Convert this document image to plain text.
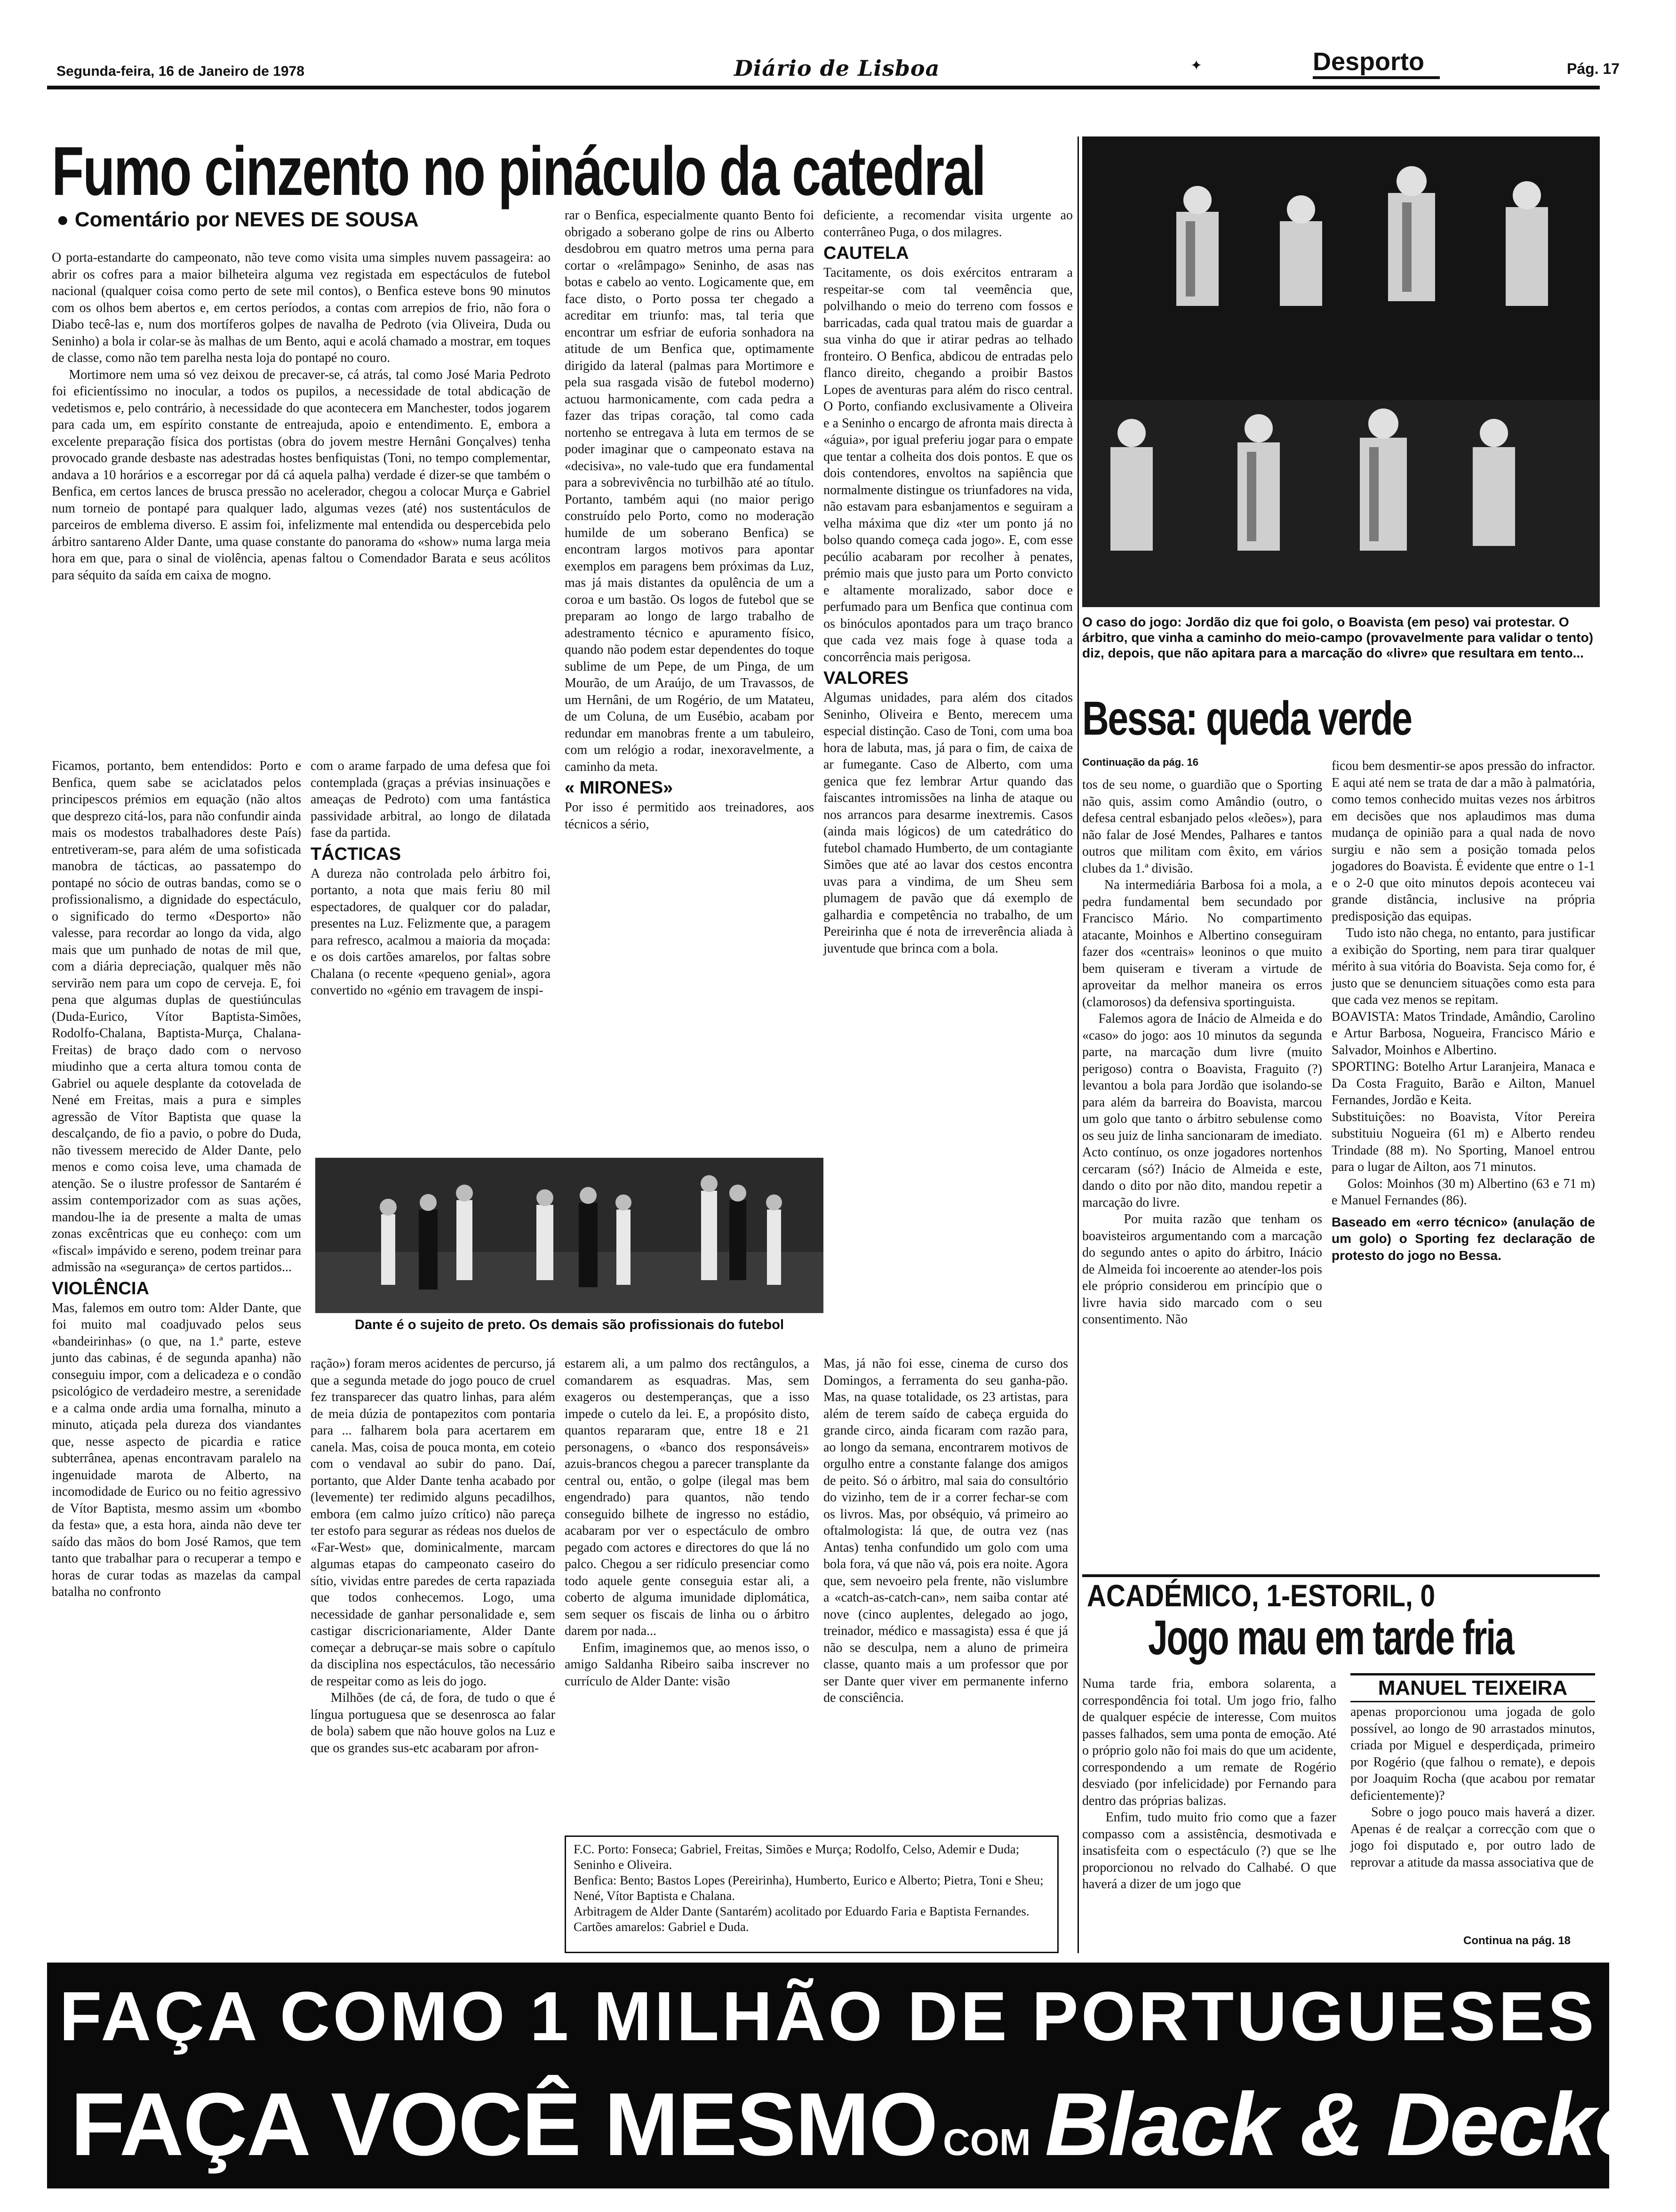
Segunda-feira, 16 de Janeiro de 1978	Diário de Lisboa	✦	Desporto	Pág. 17
Fumo cinzento no pináculo da catedral
● Comentário por NEVES DE SOUSA
O porta-estandarte do campeonato, não teve como visita uma simples nuvem passageira: ao abrir os cofres para a maior bilheteira alguma vez registada em espectáculos de futebol nacional (qualquer coisa como perto de sete mil contos), o Benfica esteve bons 90 minutos com os olhos bem abertos e, em certos períodos, a contas com arrepios de frio, não fora o Diabo tecê-las e, num dos mortíferos golpes de navalha de Pedroto (via Oliveira, Duda ou Seninho) a bola ir colar-se às malhas de um Bento, aqui e acolá chamado a mostrar, em toques de classe, como não tem parelha nesta loja do pontapé no couro.
Mortimore nem uma só vez deixou de precaver-se, cá atrás, tal como José Maria Pedroto foi eficientíssimo no inocular, a todos os pupilos, a necessidade de total abdicação de vedetismos e, pelo contrário, à necessidade do que acontecera em Manchester, todos jogarem para cada um, em espírito constante de entreajuda, apoio e entendimento. E, embora a excelente preparação física dos portistas (obra do jovem mestre Hernâni Gonçalves) tenha provocado grande desbaste nas adestradas hostes benfiquistas (Toni, no tempo complementar, andava a 10 horários e a escorregar por dá cá aquela palha) verdade é dizer-se que também o Benfica, em certos lances de brusca pressão no acelerador, chegou a colocar Murça e Gabriel num torneio de pontapé para qualquer lado, algumas vezes (até) nos sustentáculos de parceiros de emblema diverso. E assim foi, infelizmente mal entendida ou despercebida pelo árbitro santareno Alder Dante, uma quase constante do panorama do «show» numa larga meia hora em que, para o sinal de violência, apenas faltou o Comendador Barata e seus acólitos para séquito da saída em caixa de mogno.
Ficamos, portanto, bem entendidos: Porto e Benfica, quem sabe se aciclatados pelos principescos prémios em equação (não altos que desprezo citá-los, para não confundir ainda mais os modestos trabalhadores deste País) entretiveram-se, para além de uma sofisticada manobra de tácticas, ao passatempo do pontapé no sócio de outras bandas, como se o profissionalismo, a dignidade do espectáculo, o significado do termo «Desporto» não valesse, para recordar ao longo da vida, algo mais que um punhado de notas de mil que, com a diária depreciação, qualquer mês não servirão nem para um copo de cerveja. E, foi pena que algumas duplas de questiúnculas (Duda-Eurico, Vítor Baptista-Simões, Rodolfo-Chalana, Baptista-Murça, Chalana-Freitas) de braço dado com o nervoso miudinho que a certa altura tomou conta de Gabriel ou aquele desplante da cotovelada de Nené em Freitas, mais a pura e simples agressão de Vítor Baptista que quase la descalçando, de fio a pavio, o pobre do Duda, não tivessem merecido de Alder Dante, pelo menos e como coisa leve, uma chamada de atenção. Se o ilustre professor de Santarém é assim contemporizador com as suas ações, mandou-lhe ia de presente a malta de umas zonas excêntricas que eu conheço: com um «fiscal» impávido e sereno, podem treinar para admissão na «segurança» de certos partidos...
VIOLÊNCIA
Mas, falemos em outro tom: Alder Dante, que foi muito mal coadjuvado pelos seus «bandeirinhas» (o que, na 1.ª parte, esteve junto das cabinas, é de segunda apanha) não conseguiu impor, com a delicadeza e o condão psicológico de verdadeiro mestre, a serenidade e a calma onde ardia uma fornalha, minuto a minuto, atiçada pela dureza dos viandantes que, nesse aspecto de picardia e ratice subterrânea, apenas encontravam paralelo na ingenuidade marota de Alberto, na incomodidade de Eurico ou no feitio agressivo de Vítor Baptista, mesmo assim um «bombo da festa» que, a esta hora, ainda não deve ter saído das mãos do bom José Ramos, que tem tanto que trabalhar para o recuperar a tempo e horas de curar todas as mazelas da campal batalha no confronto
com o arame farpado de uma defesa que foi contemplada (graças a prévias insinuações e ameaças de Pedroto) com uma fantástica passividade arbitral, ao longo de dilatada fase da partida.
TÁCTICAS
A dureza não controlada pelo árbitro foi, portanto, a nota que mais feriu 80 mil espectadores, de qualquer cor do paladar, presentes na Luz. Felizmente que, a paragem para refresco, acalmou a maioria da moçada: e os dois cartões amarelos, por faltas sobre Chalana (o recente «pequeno genial», agora convertido no «génio em travagem de inspi-
rar o Benfica, especialmente quanto Bento foi obrigado a soberano golpe de rins ou Alberto desdobrou em quatro metros uma perna para cortar o «relâmpago» Seninho, de asas nas botas e cabelo ao vento. Logicamente que, em face disto, o Porto possa ter chegado a acreditar em triunfo: mas, tal teria que encontrar um esfriar de euforia sonhadora na atitude de um Benfica que, optimamente dirigido da lateral (palmas para Mortimore e pela sua rasgada visão de futebol moderno) actuou harmonicamente, com cada pedra a fazer das tripas coração, tal como cada nortenho se entregava à luta em termos de se poder imaginar que o campeonato estava na «decisiva», no vale-tudo que era fundamental para a sobrevivência no turbilhão até ao título. Portanto, também aqui (no maior perigo construído pelo Porto, como no moderação humilde de um soberano Benfica) se encontram largos motivos para apontar exemplos em paragens bem próximas da Luz, mas já mais distantes da opulência de um a coroa e um bastão. Os logos de futebol que se preparam ao longo de largo trabalho de adestramento técnico e apuramento físico, quando não podem estar dependentes do toque sublime de um Pepe, de um Pinga, de um Mourão, de um Araújo, de um Travassos, de um Hernâni, de um Rogério, de um Matateu, de um Coluna, de um Eusébio, acabam por redundar em manobras frente a um tabuleiro, com um relógio a rodar, inexoravelmente, a caminho da meta.
« MIRONES»
Por isso é permitido aos treinadores, aos técnicos a sério,
deficiente, a recomendar visita urgente ao conterrâneo Puga, o dos milagres.
CAUTELA
Tacitamente, os dois exércitos entraram a respeitar-se com tal veemência que, polvilhando o meio do terreno com fossos e barricadas, cada qual tratou mais de guardar a sua vinha do que ir atirar pedras ao telhado fronteiro. O Benfica, abdicou de entradas pelo flanco direito, chegando a proibir Bastos Lopes de aventuras para além do risco central. O Porto, confiando exclusivamente a Oliveira e a Seninho o encargo de afronta mais directa à «águia», por igual preferiu jogar para o empate que tentar a colheita dos dois pontos. E que os dois contendores, envoltos na sapiência que normalmente distingue os triunfadores na vida, não estavam para esbanjamentos e seguiram a velha máxima que diz «ter um ponto já no bolso quando começa cada jogo». E, com esse pecúlio acabaram por recolher à penates, prémio mais que justo para um Porto convicto e altamente moralizado, sabor doce e perfumado para um Benfica que continua com os binóculos apontados para um traço branco que cada vez mais foge à quase toda a concorrência mais perigosa.
VALORES
Algumas unidades, para além dos citados Seninho, Oliveira e Bento, merecem uma especial distinção. Caso de Toni, com uma boa hora de labuta, mas, já para o fim, de caixa de ar fumegante. Caso de Alberto, com uma genica que fez lembrar Artur quando das faiscantes intromissões na linha de ataque ou nos arrancos para desarme inextremis. Casos (ainda mais lógicos) de um catedrático do futebol chamado Humberto, de um contagiante Simões que até ao lavar dos cestos encontra uvas para a vindima, de um Sheu sem plumagem de pavão que dá exemplo de galhardia e competência no trabalho, de um Pereirinha que é nota de irreverência aliada à juventude que brinca com a bola.
Dante é o sujeito de preto. Os demais são profissionais do futebol
ração») foram meros acidentes de percurso, já que a segunda metade do jogo pouco de cruel fez transparecer das quatro linhas, para além de meia dúzia de pontapezitos com pontaria para ... falharem bola para acertarem em canela. Mas, coisa de pouca monta, em coteio com o vendaval ao subir do pano. Daí, portanto, que Alder Dante tenha acabado por (levemente) ter redimido alguns pecadilhos, embora (em calmo juízo crítico) não pareça ter estofo para segurar as rédeas nos duelos de «Far-West» que, dominicalmente, marcam algumas etapas do campeonato caseiro do sítio, vividas entre paredes de certa rapaziada que todos conhecemos. Logo, uma necessidade de ganhar personalidade e, sem castigar discricionariamente, Alder Dante começar a debruçar-se mais sobre o capítulo da disciplina nos espectáculos, tão necessário de respeitar como as leis do jogo.
Milhões (de cá, de fora, de tudo o que é língua portuguesa que se desenrosca ao falar de bola) sabem que não houve golos na Luz e que os grandes sus-etc acabaram por afron-
estarem ali, a um palmo dos rectângulos, a comandarem as esquadras. Mas, sem exageros ou destemperanças, que a isso impede o cutelo da lei. E, a propósito disto, quantos repararam que, entre 18 e 21 personagens, o «banco dos responsáveis» azuis-brancos chegou a parecer transplante da central ou, então, o golpe (ilegal mas bem engendrado) para quantos, não tendo conseguido bilhete de ingresso no estádio, acabaram por ver o espectáculo de ombro pegado com actores e directores do que lá no palco. Chegou a ser ridículo presenciar como todo aquele gente conseguia estar ali, a coberto de alguma imunidade diplomática, sem sequer os fiscais de linha ou o árbitro darem por nada...
Enfim, imaginemos que, ao menos isso, o amigo Saldanha Ribeiro saiba inscrever no currículo de Alder Dante: visão
Mas, já não foi esse, cinema de curso dos Domingos, a ferramenta do seu ganha-pão. Mas, na quase totalidade, os 23 artistas, para além de terem saído de cabeça erguida do grande circo, ainda ficaram com razão para, ao longo da semana, encontrarem motivos de orgulho entre a constante falange dos amigos de peito. Só o árbitro, mal saia do consultório do vizinho, tem de ir a correr fechar-se com os livros. Mas, por obséquio, vá primeiro ao oftalmologista: lá que, de outra vez (nas Antas) tenha confundido um golo com uma bola fora, vá que não vá, pois era noite. Agora que, sem nevoeiro pela frente, não vislumbre a «catch-as-catch-can», nem saiba contar até nove (cinco auplentes, delegado ao jogo, treinador, médico e massagista) essa é que já não se desculpa, nem a aluno de primeira classe, quanto mais a um professor que por ser Dante quer viver em permanente inferno de consciência.
F.C. Porto: Fonseca; Gabriel, Freitas, Simões e Murça; Rodolfo, Celso, Ademir e Duda; Seninho e Oliveira.
Benfica: Bento; Bastos Lopes (Pereirinha), Humberto, Eurico e Alberto; Pietra, Toni e Sheu; Nené, Vítor Baptista e Chalana.
Arbitragem de Alder Dante (Santarém) acolitado por Eduardo Faria e Baptista Fernandes.
Cartões amarelos: Gabriel e Duda.
O caso do jogo: Jordão diz que foi golo, o Boavista (em peso) vai protestar. O árbitro, que vinha a caminho do meio-campo (provavelmente para validar o tento) diz, depois, que não apitara para a marcação do «livre» que resultara em tento...
Bessa: queda verde
Continuação da pág. 16
tos de seu nome, o guardião que o Sporting não quis, assim como Amândio (outro, o defesa central esbanjado pelos «leões»), para não falar de José Mendes, Palhares e tantos outros que militam com êxito, em vários clubes da 1.ª divisão.
Na intermediária Barbosa foi a mola, a pedra fundamental bem secundado por Francisco Mário. No compartimento atacante, Moinhos e Albertino conseguiram fazer dos «centrais» leoninos o que muito bem quiseram e tiveram a virtude de aproveitar da melhor maneira os erros (clamorosos) da defensiva sportinguista.
Falemos agora de Inácio de Almeida e do «caso» do jogo: aos 10 minutos da segunda parte, na marcação dum livre (muito perigoso) contra o Boavista, Fraguito (?) levantou a bola para Jordão que isolando-se para além da barreira do Boavista, marcou um golo que tanto o árbitro sebulense como os seu juiz de linha sancionaram de imediato. Acto contínuo, os onze jogadores nortenhos cercaram (só?) Inácio de Almeida e este, dando o dito por não dito, mandou repetir a marcação do livre.
Por muita razão que tenham os boavisteiros argumentando com a marcação do segundo antes o apito do árbitro, Inácio de Almeida foi incoerente ao atender-los pois ele próprio considerou em princípio que o livre havia sido marcado com o seu consentimento. Não
ficou bem desmentir-se apos pressão do infractor. E aqui até nem se trata de dar a mão à palmatória, como temos conhecido muitas vezes nos árbitros em decisões que nos aplaudimos mas duma mudança de opinião para a qual nada de novo surgiu e não sem a posição tomada pelos jogadores do Boavista. É evidente que entre o 1-1 e o 2-0 que oito minutos depois aconteceu vai grande distância, inclusive na própria predisposição das equipas.
Tudo isto não chega, no entanto, para justificar a exibição do Sporting, nem para tirar qualquer mérito à sua vitória do Boavista. Seja como for, é justo que se denunciem situações como esta para que cada vez menos se repitam.
BOAVISTA: Matos Trindade, Amândio, Carolino e Artur Barbosa, Nogueira, Francisco Mário e Salvador, Moinhos e Albertino.
SPORTING: Botelho Artur Laranjeira, Manaca e Da Costa Fraguito, Barão e Ailton, Manuel Fernandes, Jordão e Keita.
Substituições: no Boavista, Vítor Pereira substituiu Nogueira (61 m) e Alberto rendeu Trindade (88 m). No Sporting, Manoel entrou para o lugar de Ailton, aos 71 minutos.
Golos: Moinhos (30 m) Albertino (63 e 71 m) e Manuel Fernandes (86).
Baseado em «erro técnico» (anulação de um golo) o Sporting fez declaração de protesto do jogo no Bessa.
ACADÉMICO, 1-ESTORIL, 0
Jogo mau em tarde fria
MANUEL TEIXEIRA
Numa tarde fria, embora solarenta, a correspondência foi total. Um jogo frio, falho de qualquer espécie de interesse, Com muitos passes falhados, sem uma ponta de emoção. Até o próprio golo não foi mais do que um acidente, correspondendo a um remate de Rogério desviado (por infelicidade) por Fernando para dentro das próprias balizas.
Enfim, tudo muito frio como que a fazer compasso com a assistência, desmotivada e insatisfeita com o espectáculo (?) que se lhe proporcionou no relvado do Calhabé. O que haverá a dizer de um jogo que
apenas proporcionou uma jogada de golo possível, ao longo de 90 arrastados minutos, criada por Miguel e desperdiçada, primeiro por Rogério (que falhou o remate), e depois por Joaquim Rocha (que acabou por rematar deficientemente)?
Sobre o jogo pouco mais haverá a dizer. Apenas é de realçar a correcção com que o jogo foi disputado e, por outro lado de reprovar a atitude da massa associativa que de
Continua na pág. 18
FAÇA COMO 1 MILHÃO DE PORTUGUESES
FAÇA VOCÊ MESMO COM Black & Decker
